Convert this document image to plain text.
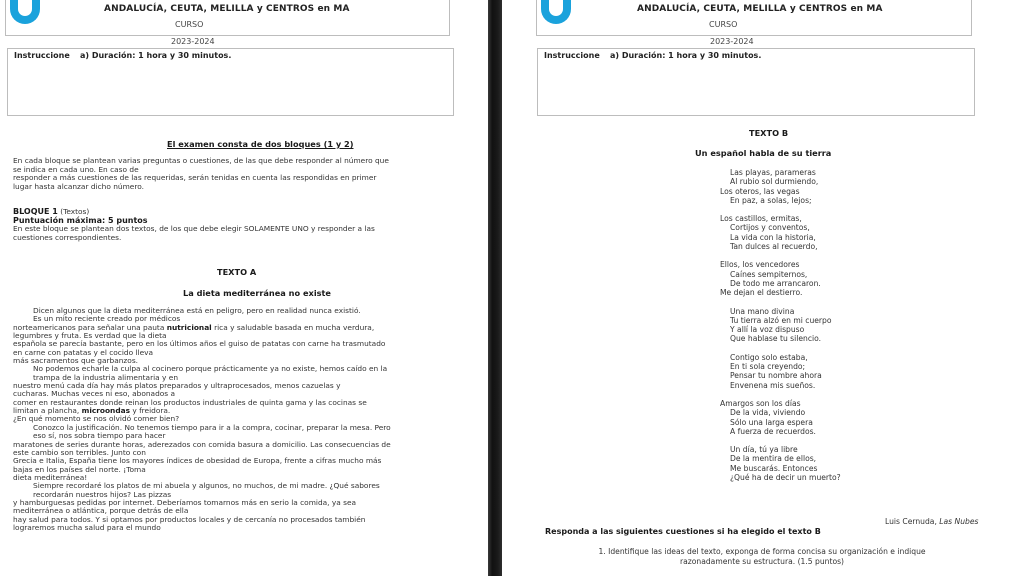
ANDALUCÍA, CEUTA, MELILLA y CENTROS en MA
CURSO
2023-2024
Instruccione a) Duración: 1 hora y 30 minutos.
El examen consta de dos bloques (1 y 2)
En cada bloque se plantean varias preguntas o cuestiones, de las que debe responder al número que
se indica en cada uno. En caso de
responder a más cuestiones de las requeridas, serán tenidas en cuenta las respondidas en primer
lugar hasta alcanzar dicho número.
BLOQUE 1 (Textos)
Puntuación máxima: 5 puntos
En este bloque se plantean dos textos, de los que debe elegir SOLAMENTE UNO y responder a las
cuestiones correspondientes.
TEXTO A
La dieta mediterránea no existe
Dicen algunos que la dieta mediterránea está en peligro, pero en realidad nunca existió.
Es un mito reciente creado por médicos
norteamericanos para señalar una pauta nutricional rica y saludable basada en mucha verdura,
legumbres y fruta. Es verdad que la dieta
española se parecía bastante, pero en los últimos años el guiso de patatas con carne ha trasmutado
en carne con patatas y el cocido lleva
más sacramentos que garbanzos.
No podemos echarle la culpa al cocinero porque prácticamente ya no existe, hemos caído en la
trampa de la industria alimentaria y en
nuestro menú cada día hay más platos preparados y ultraprocesados, menos cazuelas y
cucharas. Muchas veces ni eso, abonados a
comer en restaurantes donde reinan los productos industriales de quinta gama y las cocinas se
limitan a plancha, microondas y freidora.
¿En qué momento se nos olvidó comer bien?
Conozco la justificación. No tenemos tiempo para ir a la compra, cocinar, preparar la mesa. Pero
eso sí, nos sobra tiempo para hacer
maratones de series durante horas, aderezados con comida basura a domicilio. Las consecuencias de
este cambio son terribles. Junto con
Grecia e Italia, España tiene los mayores índices de obesidad de Europa, frente a cifras mucho más
bajas en los países del norte. ¡Toma
dieta mediterránea!
Siempre recordaré los platos de mi abuela y algunos, no muchos, de mi madre. ¿Qué sabores
recordarán nuestros hijos? Las pizzas
y hamburguesas pedidas por internet. Deberíamos tomarnos más en serio la comida, ya sea
mediterránea o atlántica, porque detrás de ella
hay salud para todos. Y si optamos por productos locales y de cercanía no procesados también
lograremos mucha salud para el mundo
ANDALUCÍA, CEUTA, MELILLA y CENTROS en MA
CURSO
2023-2024
Instruccione a) Duración: 1 hora y 30 minutos.
TEXTO B
Un español habla de su tierra
Las playas, parameras
Al rubio sol durmiendo,
Los oteros, las vegas
En paz, a solas, lejos;
Los castillos, ermitas,
Cortijos y conventos,
La vida con la historia,
Tan dulces al recuerdo,
Ellos, los vencedores
Caínes sempiternos,
De todo me arrancaron.
Me dejan el destierro.
Una mano divina
Tu tierra alzó en mi cuerpo
Y allí la voz dispuso
Que hablase tu silencio.
Contigo solo estaba,
En ti sola creyendo;
Pensar tu nombre ahora
Envenena mis sueños.
Amargos son los días
De la vida, viviendo
Sólo una larga espera
A fuerza de recuerdos.
Un día, tú ya libre
De la mentira de ellos,
Me buscarás. Entonces
¿Qué ha de decir un muerto?
Luis Cernuda, Las Nubes
Responda a las siguientes cuestiones si ha elegido el texto B
1. Identifique las ideas del texto, exponga de forma concisa su organización e indique
razonadamente su estructura. (1.5 puntos)
